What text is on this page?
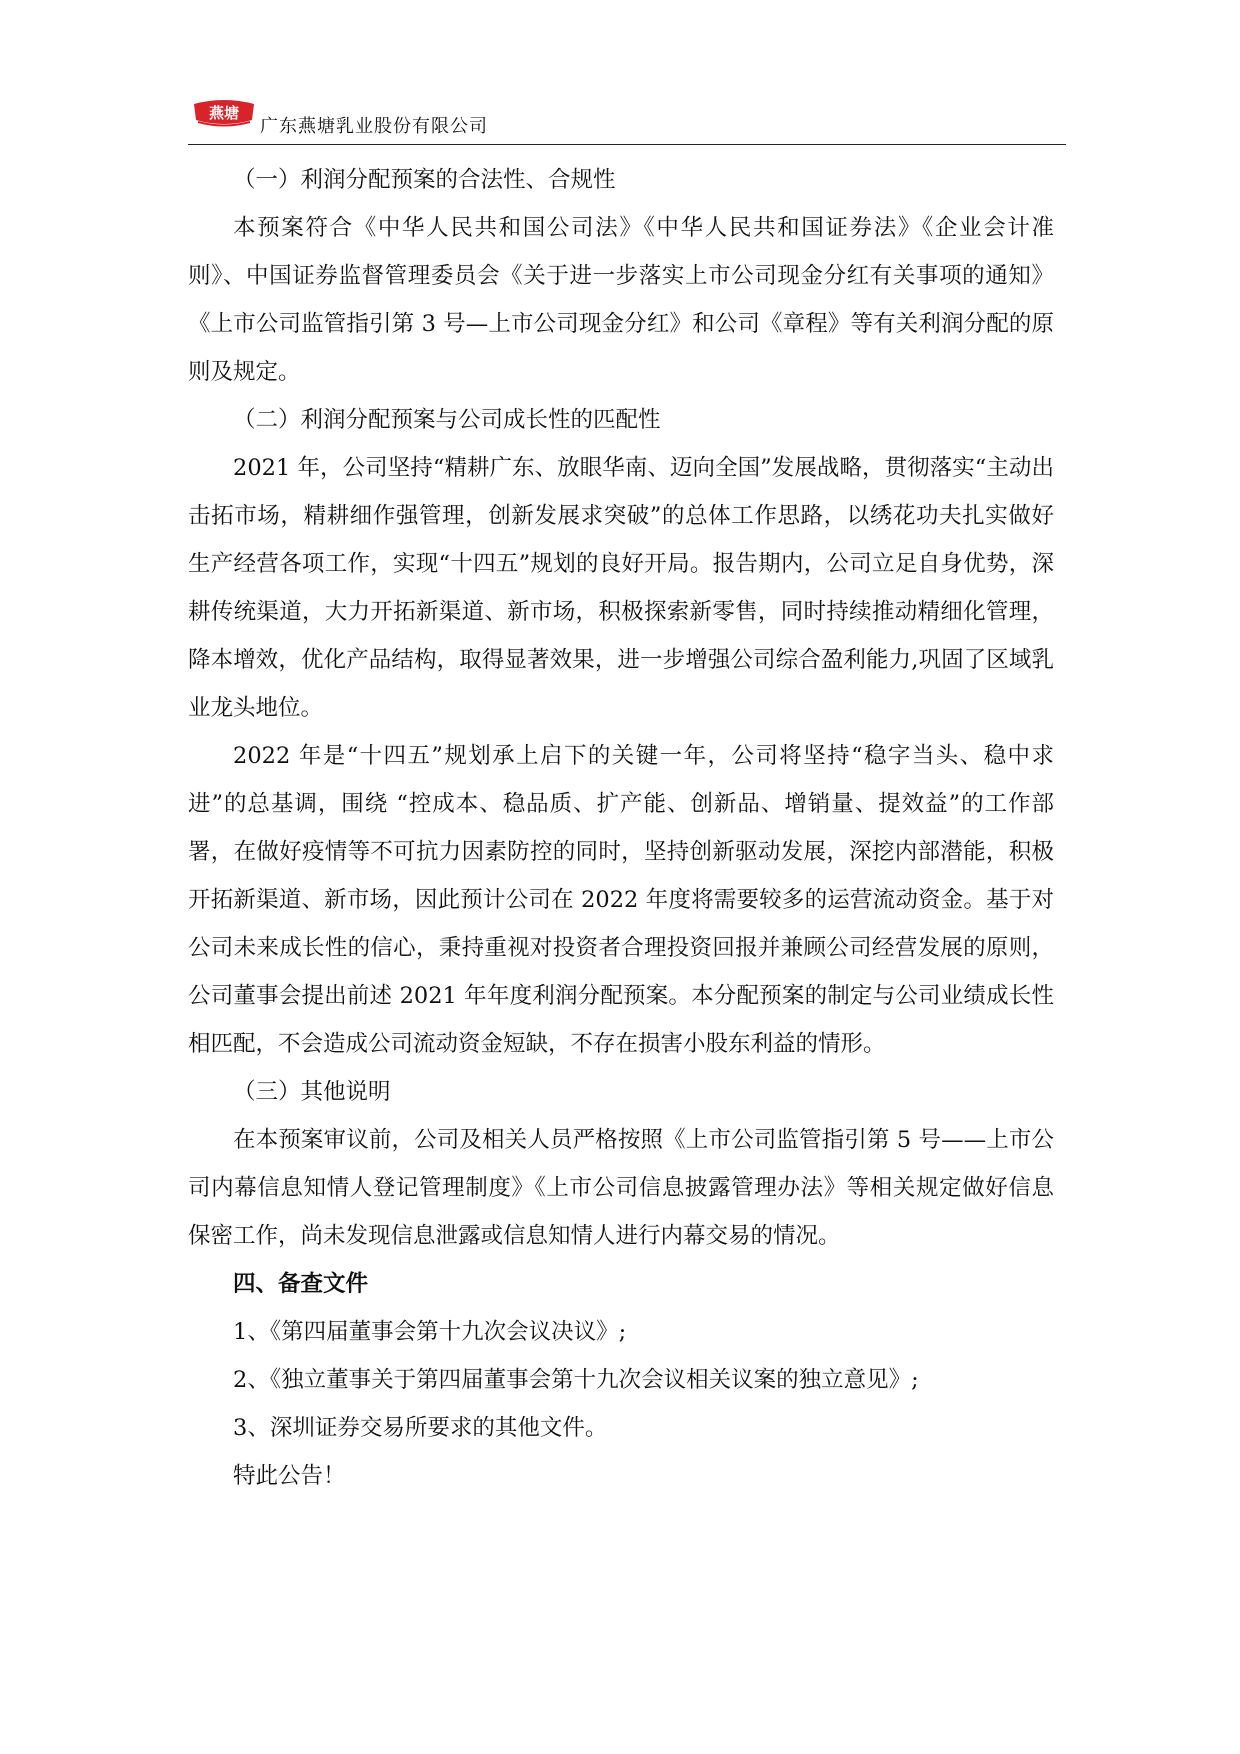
燕塘
广东燕塘乳业股份有限公司

（一）利润分配预案的合法性、合规性

本预案符合《中华人民共和国公司法》《中华人民共和国证券法》《企业会计准则》、中国证券监督管理委员会《关于进一步落实上市公司现金分红有关事项的通知》《上市公司监管指引第 3 号—上市公司现金分红》和公司《章程》等有关利润分配的原则及规定。

（二）利润分配预案与公司成长性的匹配性

2021 年，公司坚持“精耕广东、放眼华南、迈向全国”发展战略，贯彻落实“主动出击拓市场，精耕细作强管理，创新发展求突破”的总体工作思路，以绣花功夫扎实做好生产经营各项工作，实现“十四五”规划的良好开局。报告期内，公司立足自身优势，深耕传统渠道，大力开拓新渠道、新市场，积极探索新零售，同时持续推动精细化管理，降本增效，优化产品结构，取得显著效果，进一步增强公司综合盈利能力,巩固了区域乳业龙头地位。

2022 年是“十四五”规划承上启下的关键一年，公司将坚持“稳字当头、稳中求进”的总基调，围绕 “控成本、稳品质、扩产能、创新品、增销量、提效益”的工作部署，在做好疫情等不可抗力因素防控的同时，坚持创新驱动发展，深挖内部潜能，积极开拓新渠道、新市场，因此预计公司在 2022 年度将需要较多的运营流动资金。基于对公司未来成长性的信心，秉持重视对投资者合理投资回报并兼顾公司经营发展的原则，公司董事会提出前述 2021 年年度利润分配预案。本分配预案的制定与公司业绩成长性相匹配，不会造成公司流动资金短缺，不存在损害小股东利益的情形。

（三）其他说明

在本预案审议前，公司及相关人员严格按照《上市公司监管指引第 5 号——上市公司内幕信息知情人登记管理制度》《上市公司信息披露管理办法》等相关规定做好信息保密工作，尚未发现信息泄露或信息知情人进行内幕交易的情况。

四、备查文件

1、《第四届董事会第十九次会议决议》;

2、《独立董事关于第四届董事会第十九次会议相关议案的独立意见》;

3、深圳证券交易所要求的其他文件。

特此公告！
